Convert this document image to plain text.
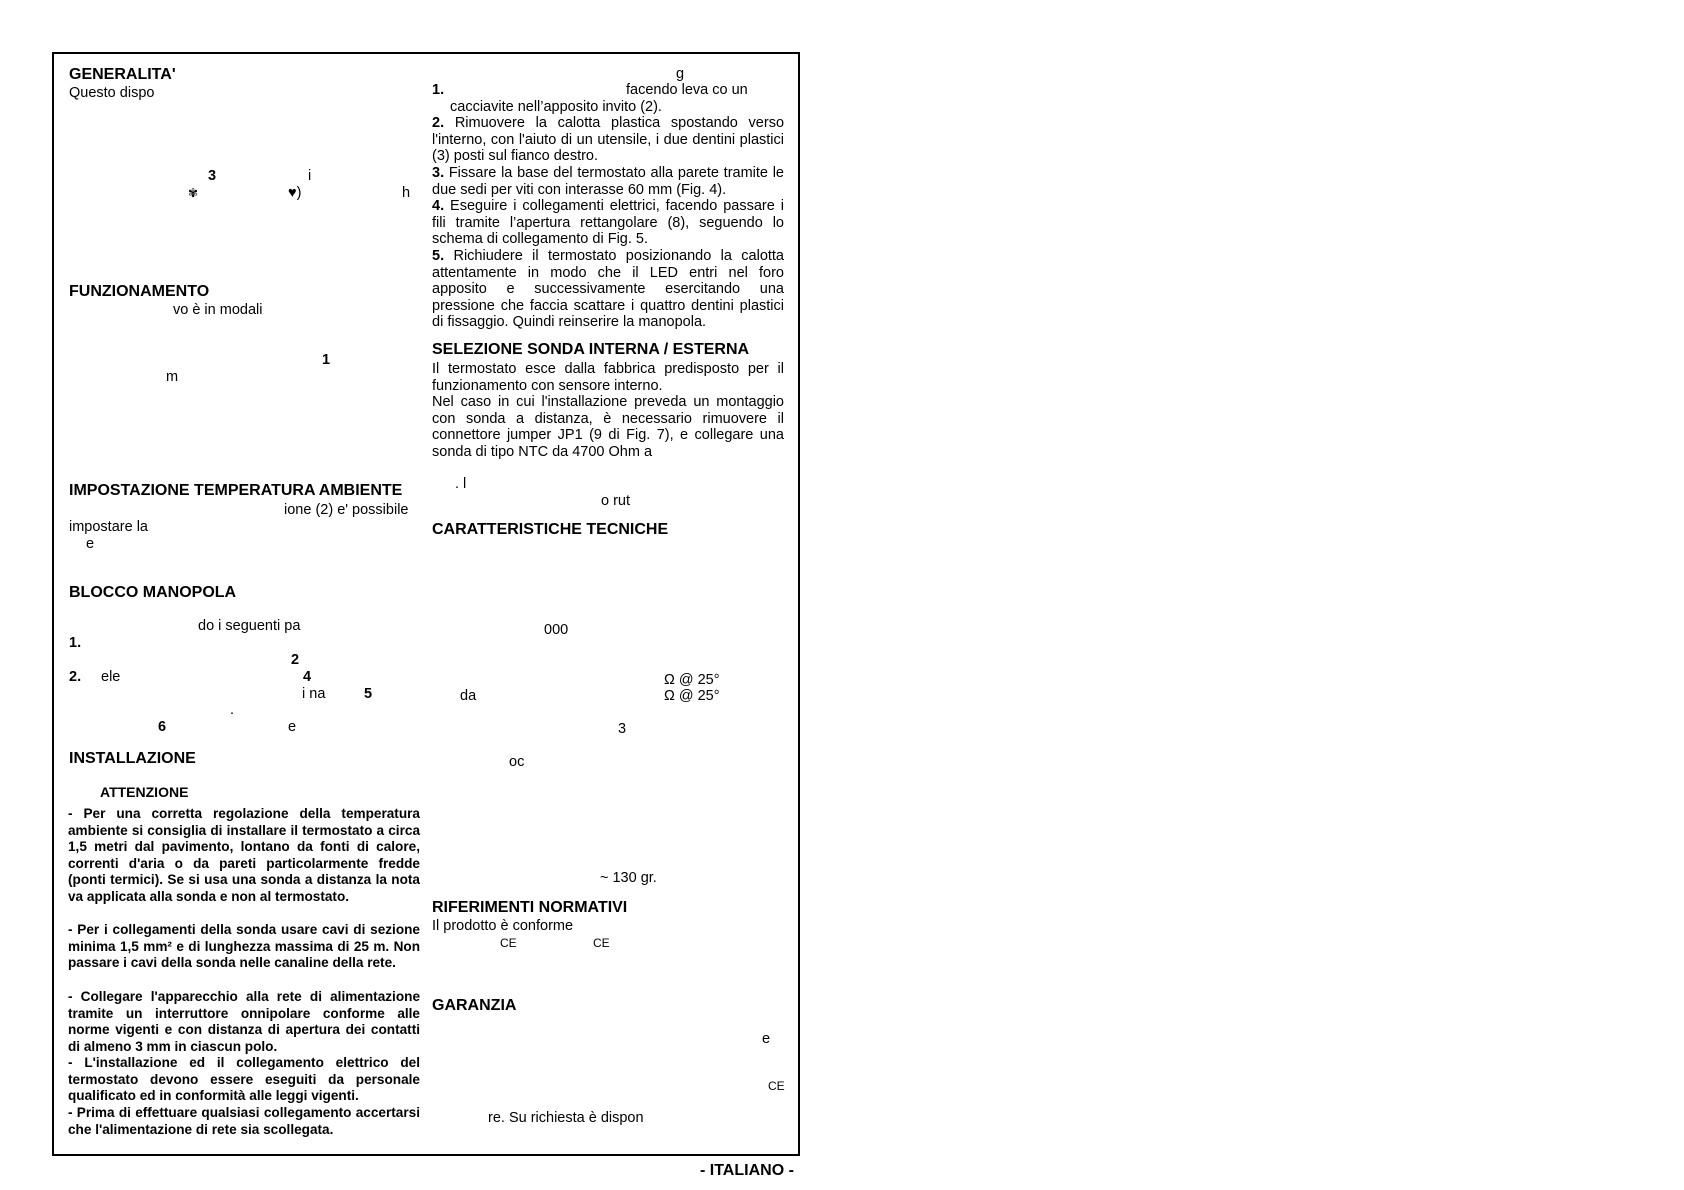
GENERALITA'
Questo dispo
3	i
✾	♥)	h
FUNZIONAMENTO
vo è in modali
1
m
IMPOSTAZIONE TEMPERATURA AMBIENTE
ione (2) e' possibile
impostare la
e
BLOCCO MANOPOLA
do i seguenti pa
1.
2
2. ele	4
i na	5
.
6	e
INSTALLAZIONE
ATTENZIONE
- Per una corretta regolazione della temperatura ambiente si consiglia di installare il termostato a circa 1,5 metri dal pavimento, lontano da fonti di calore, correnti d'aria o da pareti particolarmente fredde (ponti termici). Se si usa una sonda a distanza la nota va applicata alla sonda e non al termostato.
- Per i collegamenti della sonda usare cavi di sezione minima 1,5 mm² e di lunghezza massima di 25 m. Non passare i cavi della sonda nelle canaline della rete.
- Collegare l'apparecchio alla rete di alimentazione tramite un interruttore onnipolare conforme alle norme vigenti e con distanza di apertura dei contatti di almeno 3 mm in ciascun polo.
- L'installazione ed il collegamento elettrico del termostato devono essere eseguiti da personale qualificato ed in conformità alle leggi vigenti.
- Prima di effettuare qualsiasi collegamento accertarsi che l'alimentazione di rete sia scollegata.
g
1.	facendo leva co un
cacciavite nell’apposito invito (2).
2. Rimuovere la calotta plastica spostando verso l'interno, con l'aiuto di un utensile, i due dentini plastici (3) posti sul fianco destro.
3. Fissare la base del termostato alla parete tramite le due sedi per viti con interasse 60 mm (Fig. 4).
4. Eseguire i collegamenti elettrici, facendo passare i fili tramite l’apertura rettangolare (8), seguendo lo schema di collegamento di Fig. 5.
5. Richiudere il termostato posizionando la calotta attentamente in modo che il LED entri nel foro apposito e successivamente esercitando una pressione che faccia scattare i quattro dentini plastici di fissaggio. Quindi reinserire la manopola.
SELEZIONE SONDA INTERNA / ESTERNA
Il termostato esce dalla fabbrica predisposto per il funzionamento con sensore interno.
Nel caso in cui l'installazione preveda un montaggio con sonda a distanza, è necessario rimuovere il connettore jumper JP1 (9 di Fig. 7), e collegare una sonda di tipo NTC da 4700 Ohm a
. l
o rut
CARATTERISTICHE TECNICHE
000
Ω @ 25°
da	Ω @ 25°
3
oc
~ 130 gr.
RIFERIMENTI NORMATIVI
Il prodotto è conforme
CE	CE
GARANZIA
e
CE
re. Su richiesta è dispon
- ITALIANO -
